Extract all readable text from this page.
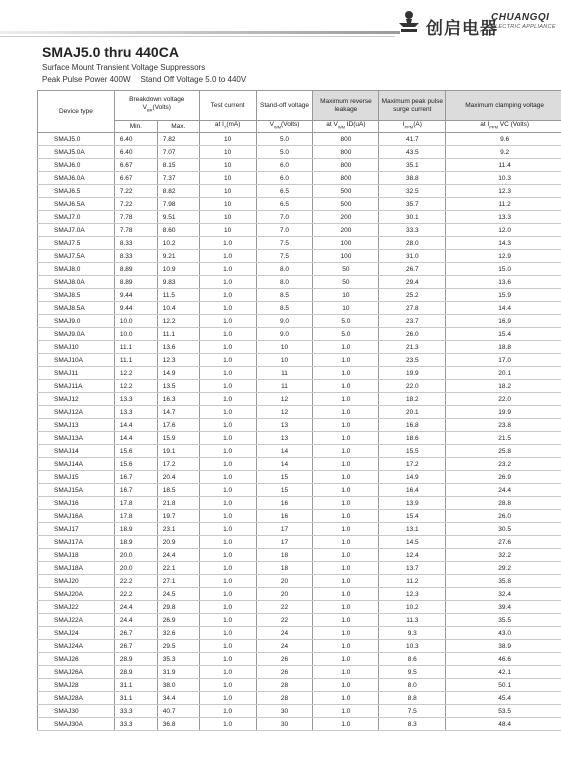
创启电器
CHUANGQI
ELECTRIC APPLIANCE
SMAJ5.0 thru 440CA
Surface Mount Transient Voltage Suppressors
Peak Pulse Power 400W Stand Off Voltage 5.0 to 440V
Device type	Breakdown voltage
$V_{BR}(Volts)$		Test current	Stand-off voltage	Maximum reverse leakage	Maximum peak pulse surge current	Maximum clamping voltage
	Min.	Max.	at $I_T(mA)$	$V_{WM}(Volts)$	at $V_{WM}$ ID(uA)	$I_{PPM}(A)$	at $I_{PPM}$ VC (Volts)
SMAJ5.0	6.40	7.82	10	5.0	800	41.7	9.6
SMAJ5.0A	6.40	7.07	10	5.0	800	43.5	9.2
SMAJ6.0	6.67	8.15	10	6.0	800	35.1	11.4
SMAJ6.0A	6.67	7.37	10	6.0	800	38.8	10.3
SMAJ6.5	7.22	8.82	10	6.5	500	32.5	12.3
SMAJ6.5A	7.22	7.98	10	6.5	500	35.7	11.2
SMAJ7.0	7.78	9.51	10	7.0	200	30.1	13.3
SMAJ7.0A	7.78	8.60	10	7.0	200	33.3	12.0
SMAJ7.5	8.33	10.2	1.0	7.5	100	28.0	14.3
SMAJ7.5A	8.33	9.21	1.0	7.5	100	31.0	12.9
SMAJ8.0	8.89	10.9	1.0	8.0	50	26.7	15.0
SMAJ8.0A	8.89	9.83	1.0	8.0	50	29.4	13.6
SMAJ8.5	9.44	11.5	1.0	8.5	10	25.2	15.9
SMAJ8.5A	9.44	10.4	1.0	8.5	10	27.8	14.4
SMAJ9.0	10.0	12.2	1.0	9.0	5.0	23.7	16.9
SMAJ9.0A	10.0	11.1	1.0	9.0	5.0	26.0	15.4
SMAJ10	11.1	13.6	1.0	10	1.0	21.3	18.8
SMAJ10A	11.1	12.3	1.0	10	1.0	23.5	17.0
SMAJ11	12.2	14.9	1.0	11	1.0	19.9	20.1
SMAJ11A	12.2	13.5	1.0	11	1.0	22.0	18.2
SMAJ12	13.3	16.3	1.0	12	1.0	18.2	22.0
SMAJ12A	13.3	14.7	1.0	12	1.0	20.1	19.9
SMAJ13	14.4	17.6	1.0	13	1.0	16.8	23.8
SMAJ13A	14.4	15.9	1.0	13	1.0	18.6	21.5
SMAJ14	15.6	19.1	1.0	14	1.0	15.5	25.8
SMAJ14A	15.6	17.2	1.0	14	1.0	17.2	23.2
SMAJ15	16.7	20.4	1.0	15	1.0	14.9	26.9
SMAJ15A	16.7	18.5	1.0	15	1.0	16.4	24.4
SMAJ16	17.8	21.8	1.0	16	1.0	13.9	28.8
SMAJ16A	17.8	19.7	1.0	16	1.0	15.4	26.0
SMAJ17	18.9	23.1	1.0	17	1.0	13.1	30.5
SMAJ17A	18.9	20.9	1.0	17	1.0	14.5	27.6
SMAJ18	20.0	24.4	1.0	18	1.0	12.4	32.2
SMAJ18A	20.0	22.1	1.0	18	1.0	13.7	29.2
SMAJ20	22.2	27.1	1.0	20	1.0	11.2	35.8
SMAJ20A	22.2	24.5	1.0	20	1.0	12.3	32.4
SMAJ22	24.4	29.8	1.0	22	1.0	10.2	39.4
SMAJ22A	24.4	26.9	1.0	22	1.0	11.3	35.5
SMAJ24	26.7	32.6	1.0	24	1.0	9.3	43.0
SMAJ24A	26.7	29.5	1.0	24	1.0	10.3	38.9
SMAJ26	28.9	35.3	1.0	26	1.0	8.6	46.6
SMAJ26A	28.9	31.9	1.0	26	1.0	9.5	42.1
SMAJ28	31.1	38.0	1.0	28	1.0	8.0	50.1
SMAJ28A	31.1	34.4	1.0	28	1.0	8.8	45.4
SMAJ30	33.3	40.7	1.0	30	1.0	7.5	53.5
SMAJ30A	33.3	36.8	1.0	30	1.0	8.3	48.4
